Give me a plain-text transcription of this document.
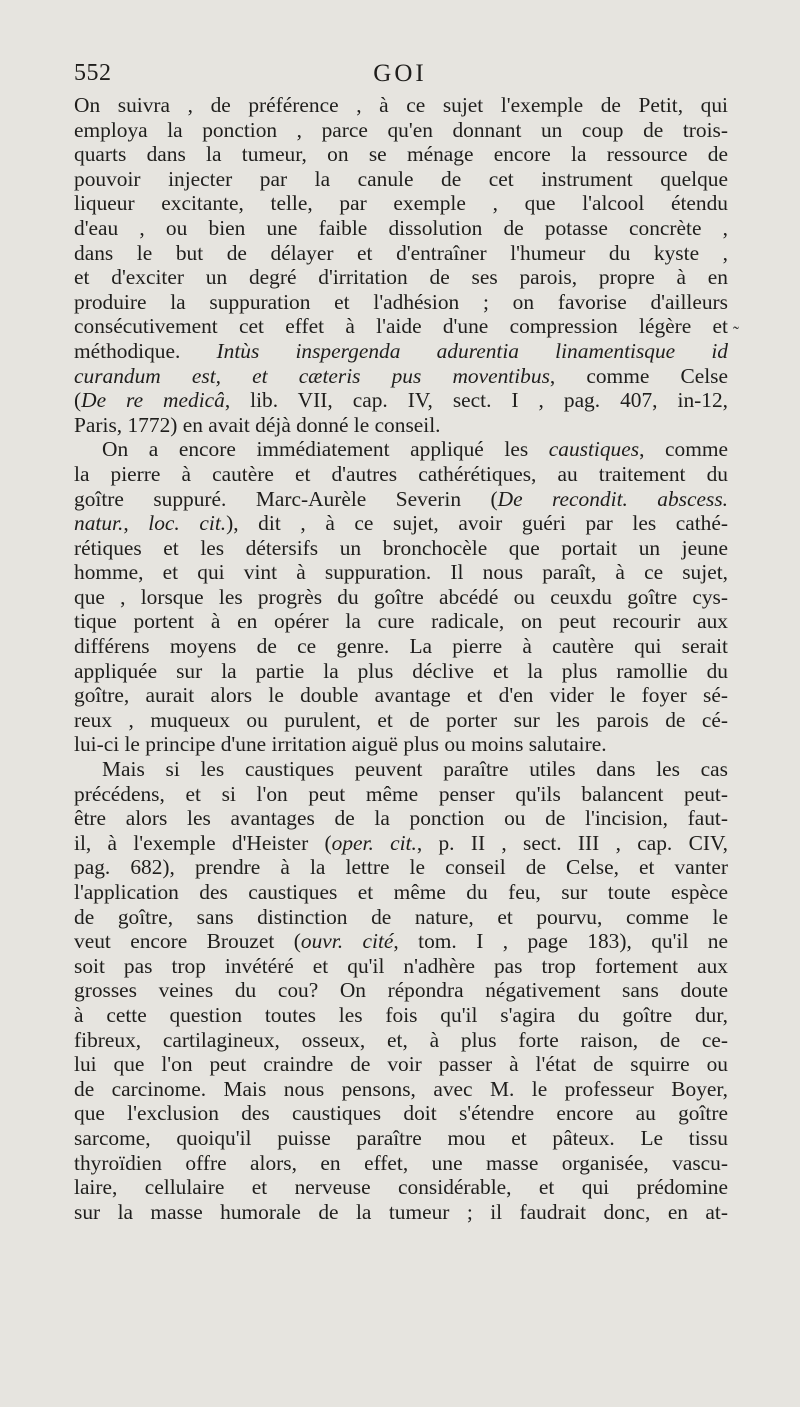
552	GOI
On suivra , de préférence , à ce sujet l'exemple de Petit, qui
employa la ponction , parce qu'en donnant un coup de trois-
quarts dans la tumeur, on se ménage encore la ressource de
pouvoir injecter par la canule de cet instrument quelque
liqueur excitante, telle, par exemple , que l'alcool étendu
d'eau , ou bien une faible dissolution de potasse concrète ,
dans le but de délayer et d'entraîner l'humeur du kyste ,
et d'exciter un degré d'irritation de ses parois, propre à en
produire la suppuration et l'adhésion ; on favorise d'ailleurs
consécutivement cet effet à l'aide d'une compression légère et
méthodique. Intùs inspergenda adurentia linamentisque id
curandum est, et cæteris pus moventibus, comme Celse
(De re medicâ, lib. VII, cap. IV, sect. I , pag. 407, in-12,
Paris, 1772) en avait déjà donné le conseil.
On a encore immédiatement appliqué les caustiques, comme
la pierre à cautère et d'autres cathérétiques, au traitement du
goître suppuré. Marc-Aurèle Severin (De recondit. abscess.
natur., loc. cit.), dit , à ce sujet, avoir guéri par les cathé-
rétiques et les détersifs un bronchocèle que portait un jeune
homme, et qui vint à suppuration. Il nous paraît, à ce sujet,
que , lorsque les progrès du goître abcédé ou ceuxdu goître cys-
tique portent à en opérer la cure radicale, on peut recourir aux
différens moyens de ce genre. La pierre à cautère qui serait
appliquée sur la partie la plus déclive et la plus ramollie du
goître, aurait alors le double avantage et d'en vider le foyer sé-
reux , muqueux ou purulent, et de porter sur les parois de cé-
lui-ci le principe d'une irritation aiguë plus ou moins salutaire.
Mais si les caustiques peuvent paraître utiles dans les cas
précédens, et si l'on peut même penser qu'ils balancent peut-
être alors les avantages de la ponction ou de l'incision, faut-
il, à l'exemple d'Heister (oper. cit., p. II , sect. III , cap. CIV,
pag. 682), prendre à la lettre le conseil de Celse, et vanter
l'application des caustiques et même du feu, sur toute espèce
de goître, sans distinction de nature, et pourvu, comme le
veut encore Brouzet (ouvr. cité, tom. I , page 183), qu'il ne
soit pas trop invétéré et qu'il n'adhère pas trop fortement aux
grosses veines du cou? On répondra négativement sans doute
à cette question toutes les fois qu'il s'agira du goître dur,
fibreux, cartilagineux, osseux, et, à plus forte raison, de ce-
lui que l'on peut craindre de voir passer à l'état de squirre ou
de carcinome. Mais nous pensons, avec M. le professeur Boyer,
que l'exclusion des caustiques doit s'étendre encore au goître
sarcome, quoiqu'il puisse paraître mou et pâteux. Le tissu
thyroïdien offre alors, en effet, une masse organisée, vascu-
laire, cellulaire et nerveuse considérable, et qui prédomine
sur la masse humorale de la tumeur ; il faudrait donc, en at-
˜
